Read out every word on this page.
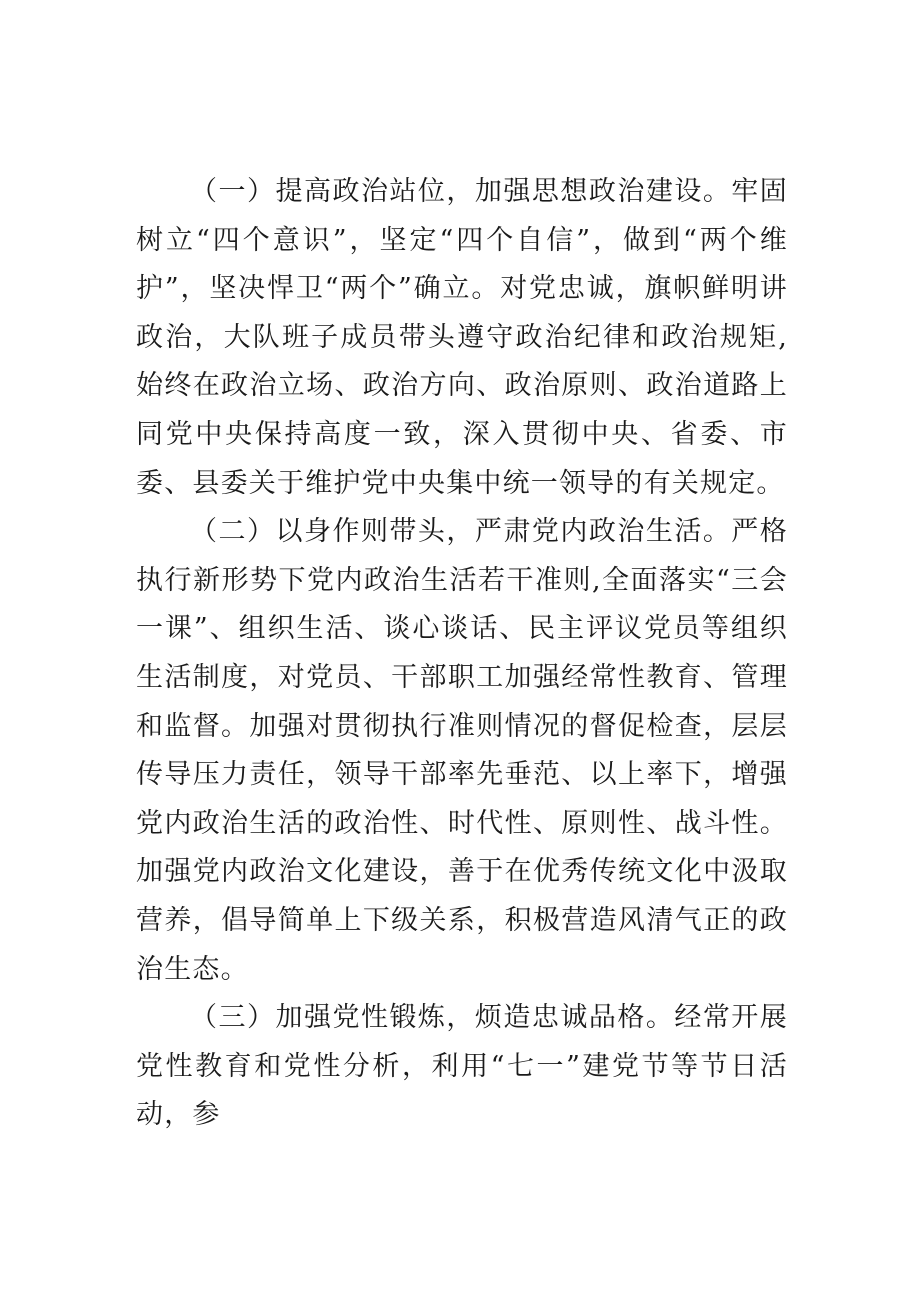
（一）提高政治站位，加强思想政治建设。牢固树立“四个意识”，坚定“四个自信”，做到“两个维护”，坚决悍卫“两个”确立。对党忠诚，旗帜鲜明讲政治，大队班子成员带头遵守政治纪律和政治规矩,始终在政治立场、政治方向、政治原则、政治道路上同党中央保持高度一致，深入贯彻中央、省委、市委、县委关于维护党中央集中统一领导的有关规定。

（二）以身作则带头，严肃党内政治生活。严格执行新形势下党内政治生活若干准则,全面落实“三会一课”、组织生活、谈心谈话、民主评议党员等组织生活制度，对党员、干部职工加强经常性教育、管理和监督。加强对贯彻执行准则情况的督促检查，层层传导压力责任，领导干部率先垂范、以上率下，增强党内政治生活的政治性、时代性、原则性、战斗性。加强党内政治文化建设，善于在优秀传统文化中汲取营养，倡导简单上下级关系，积极营造风清气正的政治生态。

（三）加强党性锻炼，烦造忠诚品格。经常开展党性教育和党性分析，利用“七一”建党节等节日活动，参
